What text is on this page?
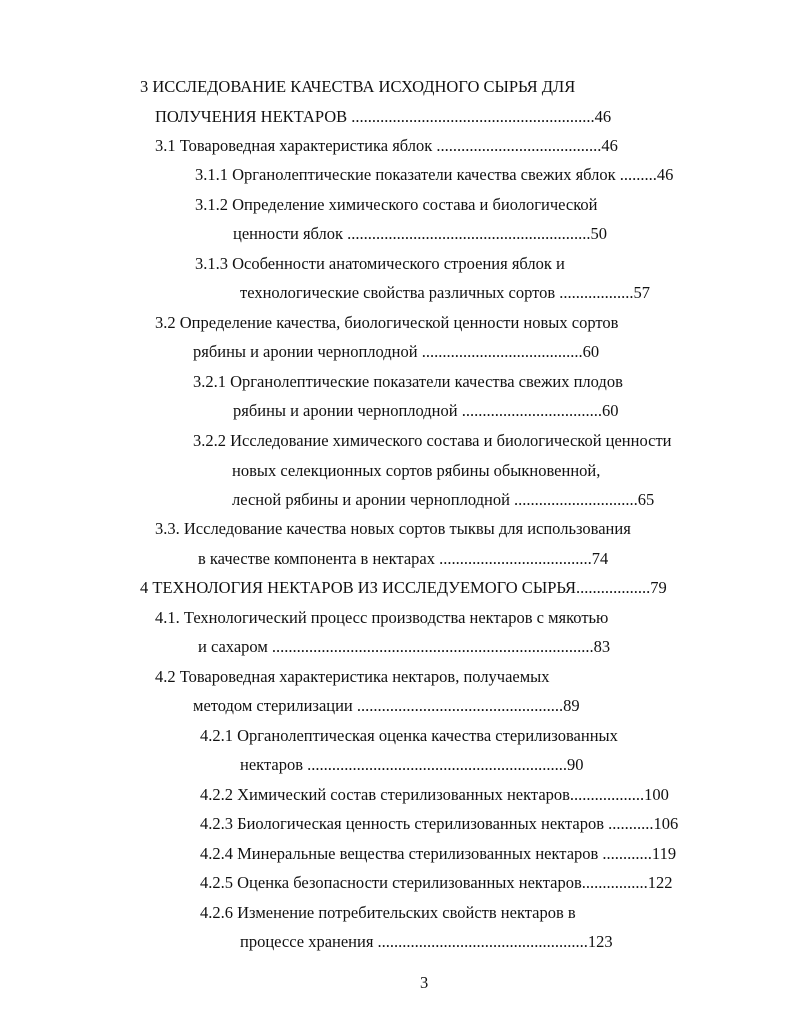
3 ИССЛЕДОВАНИЕ КАЧЕСТВА ИСХОДНОГО СЫРЬЯ ДЛЯ
ПОЛУЧЕНИЯ НЕКТАРОВ ...........................................................46
3.1 Товароведная характеристика яблок ........................................46
3.1.1 Органолептические показатели качества свежих яблок .........46
3.1.2 Определение химического состава и биологической
ценности яблок ...........................................................50
3.1.3 Особенности анатомического строения яблок и
технологические свойства различных сортов ..................57
3.2 Определение качества, биологической ценности новых сортов
рябины и аронии черноплодной .......................................60
3.2.1 Органолептические показатели качества свежих плодов
рябины и аронии черноплодной ..................................60
3.2.2 Исследование химического состава и биологической ценности
новых селекционных сортов рябины обыкновенной,
лесной рябины и аронии черноплодной ..............................65
3.3. Исследование качества новых сортов тыквы для использования
в качестве компонента в нектарах .....................................74
4 ТЕХНОЛОГИЯ НЕКТАРОВ ИЗ ИССЛЕДУЕМОГО СЫРЬЯ..................79
4.1. Технологический процесс производства нектаров с мякотью
и сахаром ..............................................................................83
4.2 Товароведная характеристика нектаров, получаемых
методом стерилизации ..................................................89
4.2.1 Органолептическая оценка качества стерилизованных
нектаров ...............................................................90
4.2.2 Химический состав стерилизованных нектаров..................100
4.2.3 Биологическая ценность стерилизованных нектаров ...........106
4.2.4 Минеральные вещества стерилизованных нектаров ............119
4.2.5 Оценка безопасности стерилизованных нектаров................122
4.2.6 Изменение потребительских свойств нектаров в
процессе хранения ...................................................123
3
